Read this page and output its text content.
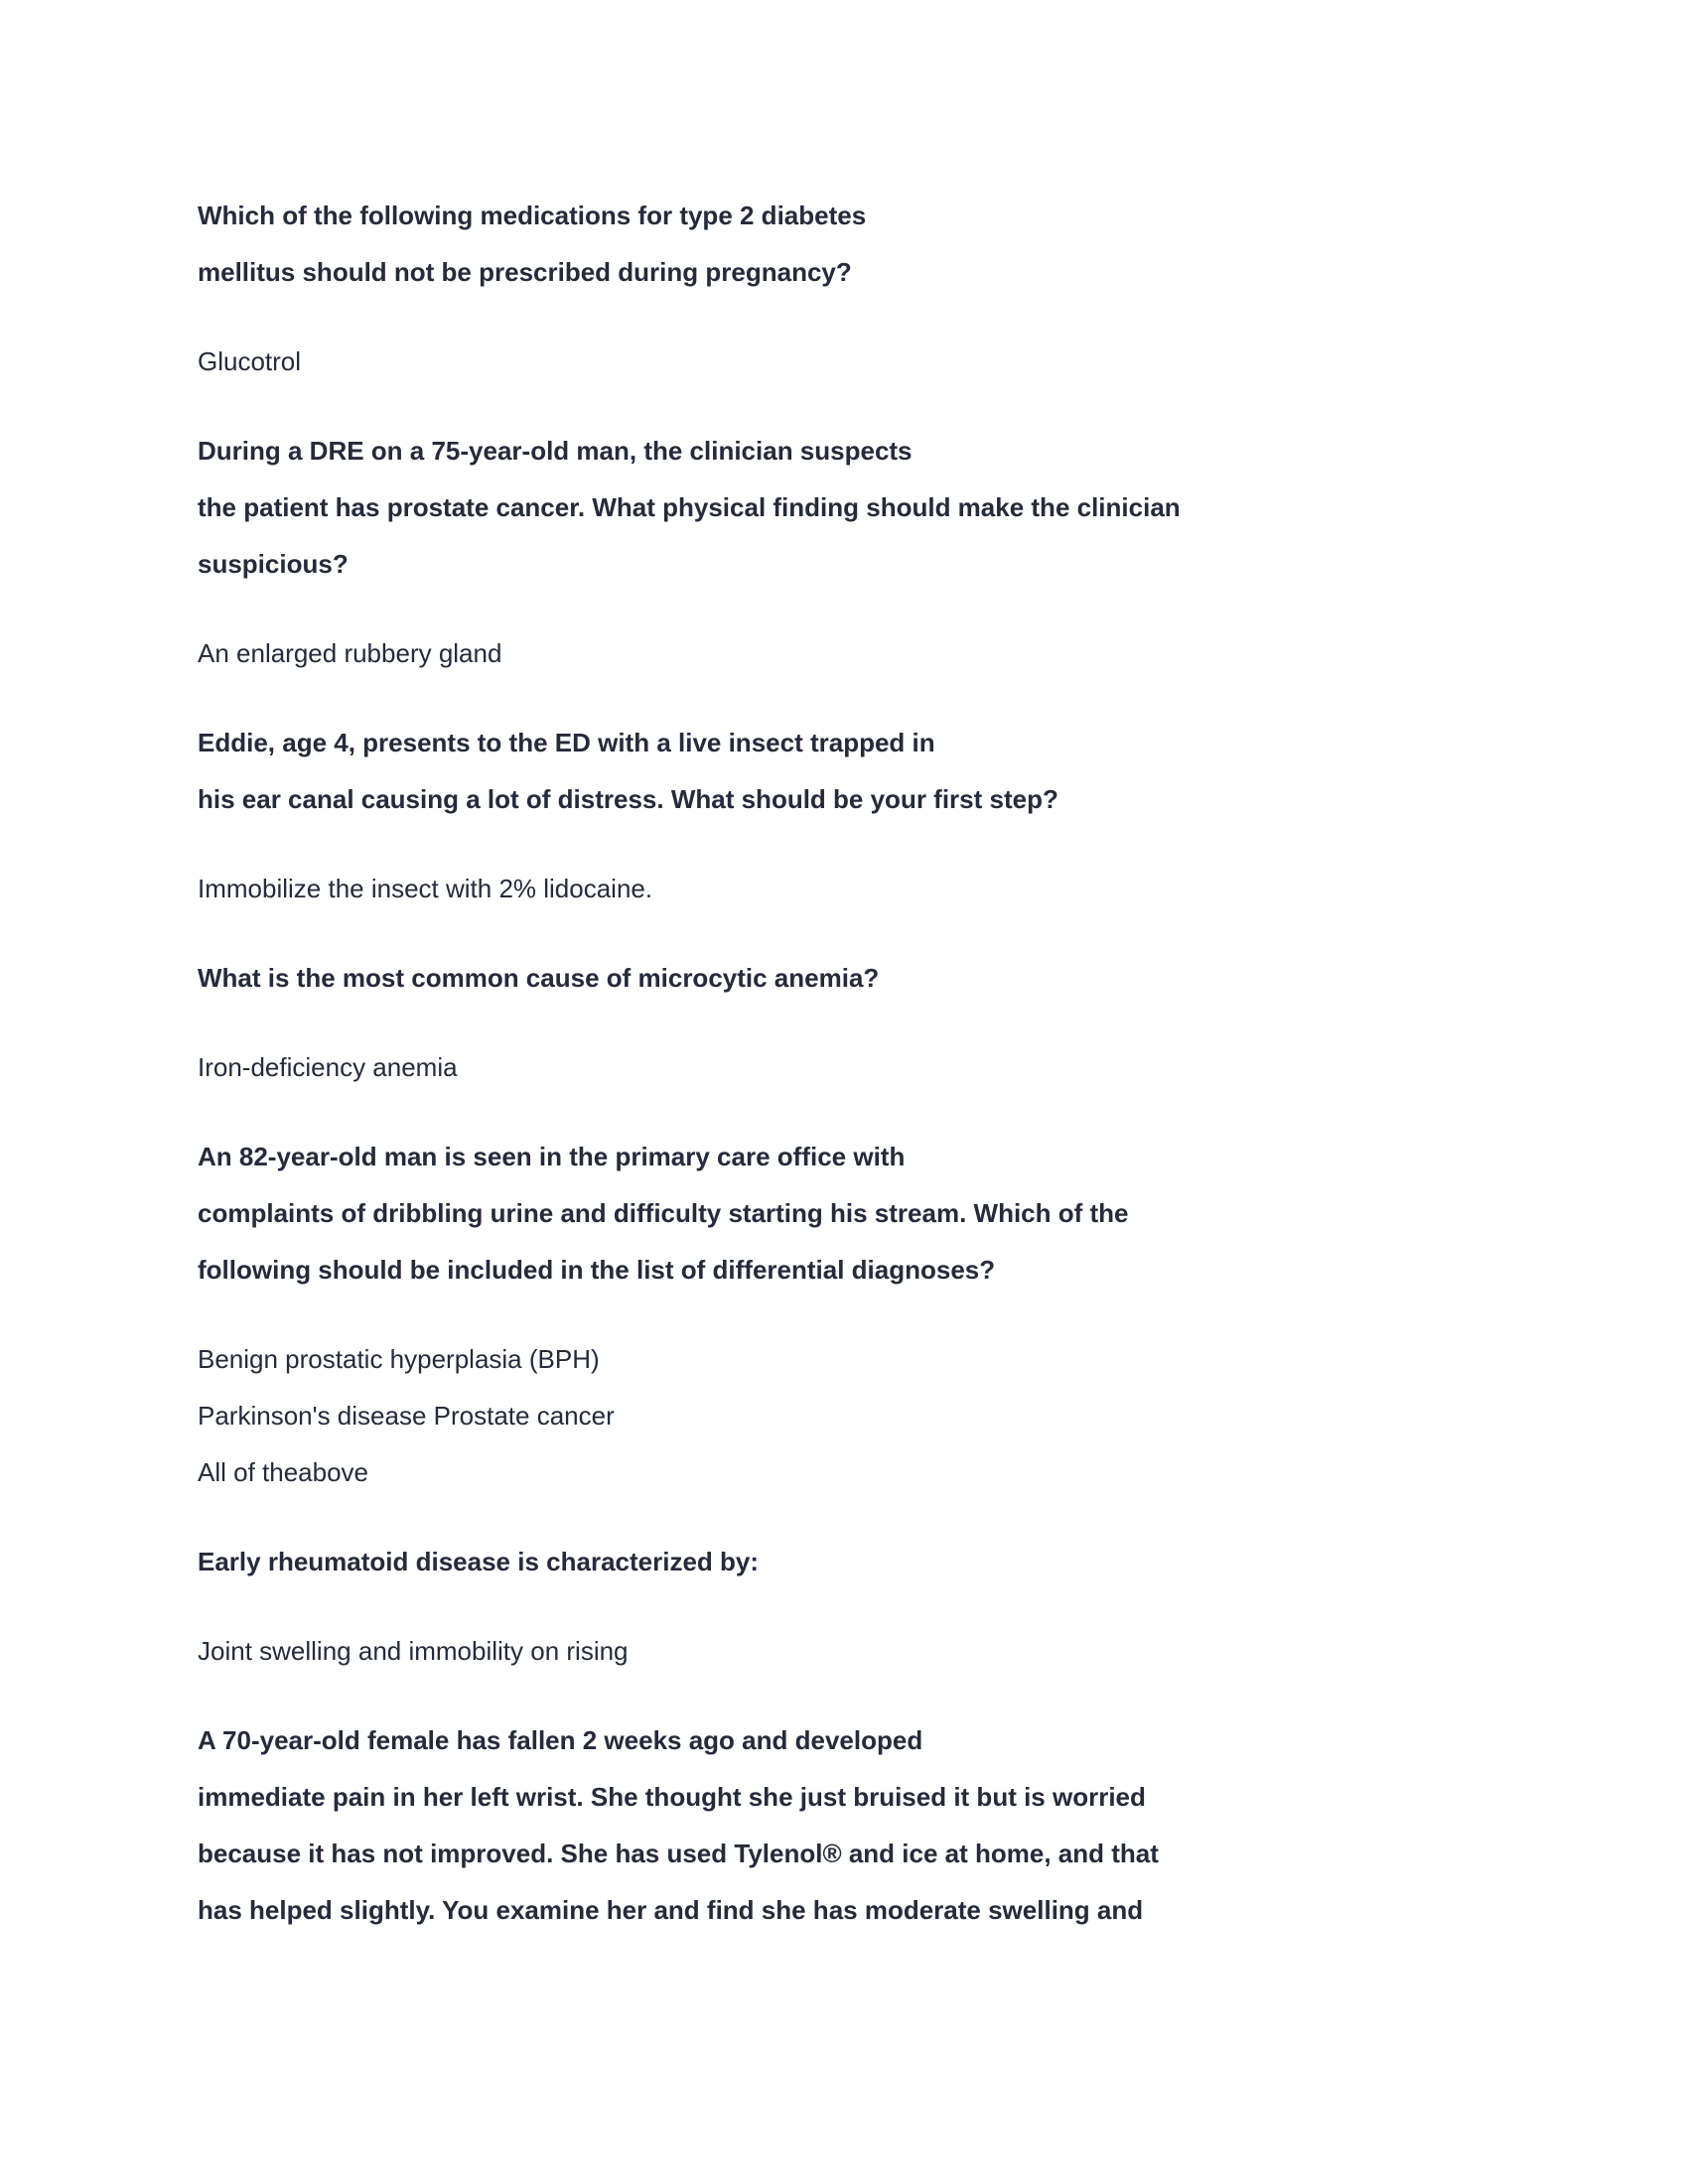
Which of the following medications for type 2 diabetes
mellitus should not be prescribed during pregnancy?
Glucotrol
During a DRE on a 75-year-old man, the clinician suspects
the patient has prostate cancer. What physical finding should make the clinician
suspicious?
An enlarged rubbery gland
Eddie, age 4, presents to the ED with a live insect trapped in
his ear canal causing a lot of distress. What should be your first step?
Immobilize the insect with 2% lidocaine.
What is the most common cause of microcytic anemia?
Iron-deficiency anemia
An 82-year-old man is seen in the primary care office with
complaints of dribbling urine and difficulty starting his stream. Which of the
following should be included in the list of differential diagnoses?
Benign prostatic hyperplasia (BPH)
Parkinson's disease Prostate cancer
All of theabove
Early rheumatoid disease is characterized by:
Joint swelling and immobility on rising
A 70-year-old female has fallen 2 weeks ago and developed
immediate pain in her left wrist. She thought she just bruised it but is worried
because it has not improved. She has used Tylenol® and ice at home, and that
has helped slightly. You examine her and find she has moderate swelling and
